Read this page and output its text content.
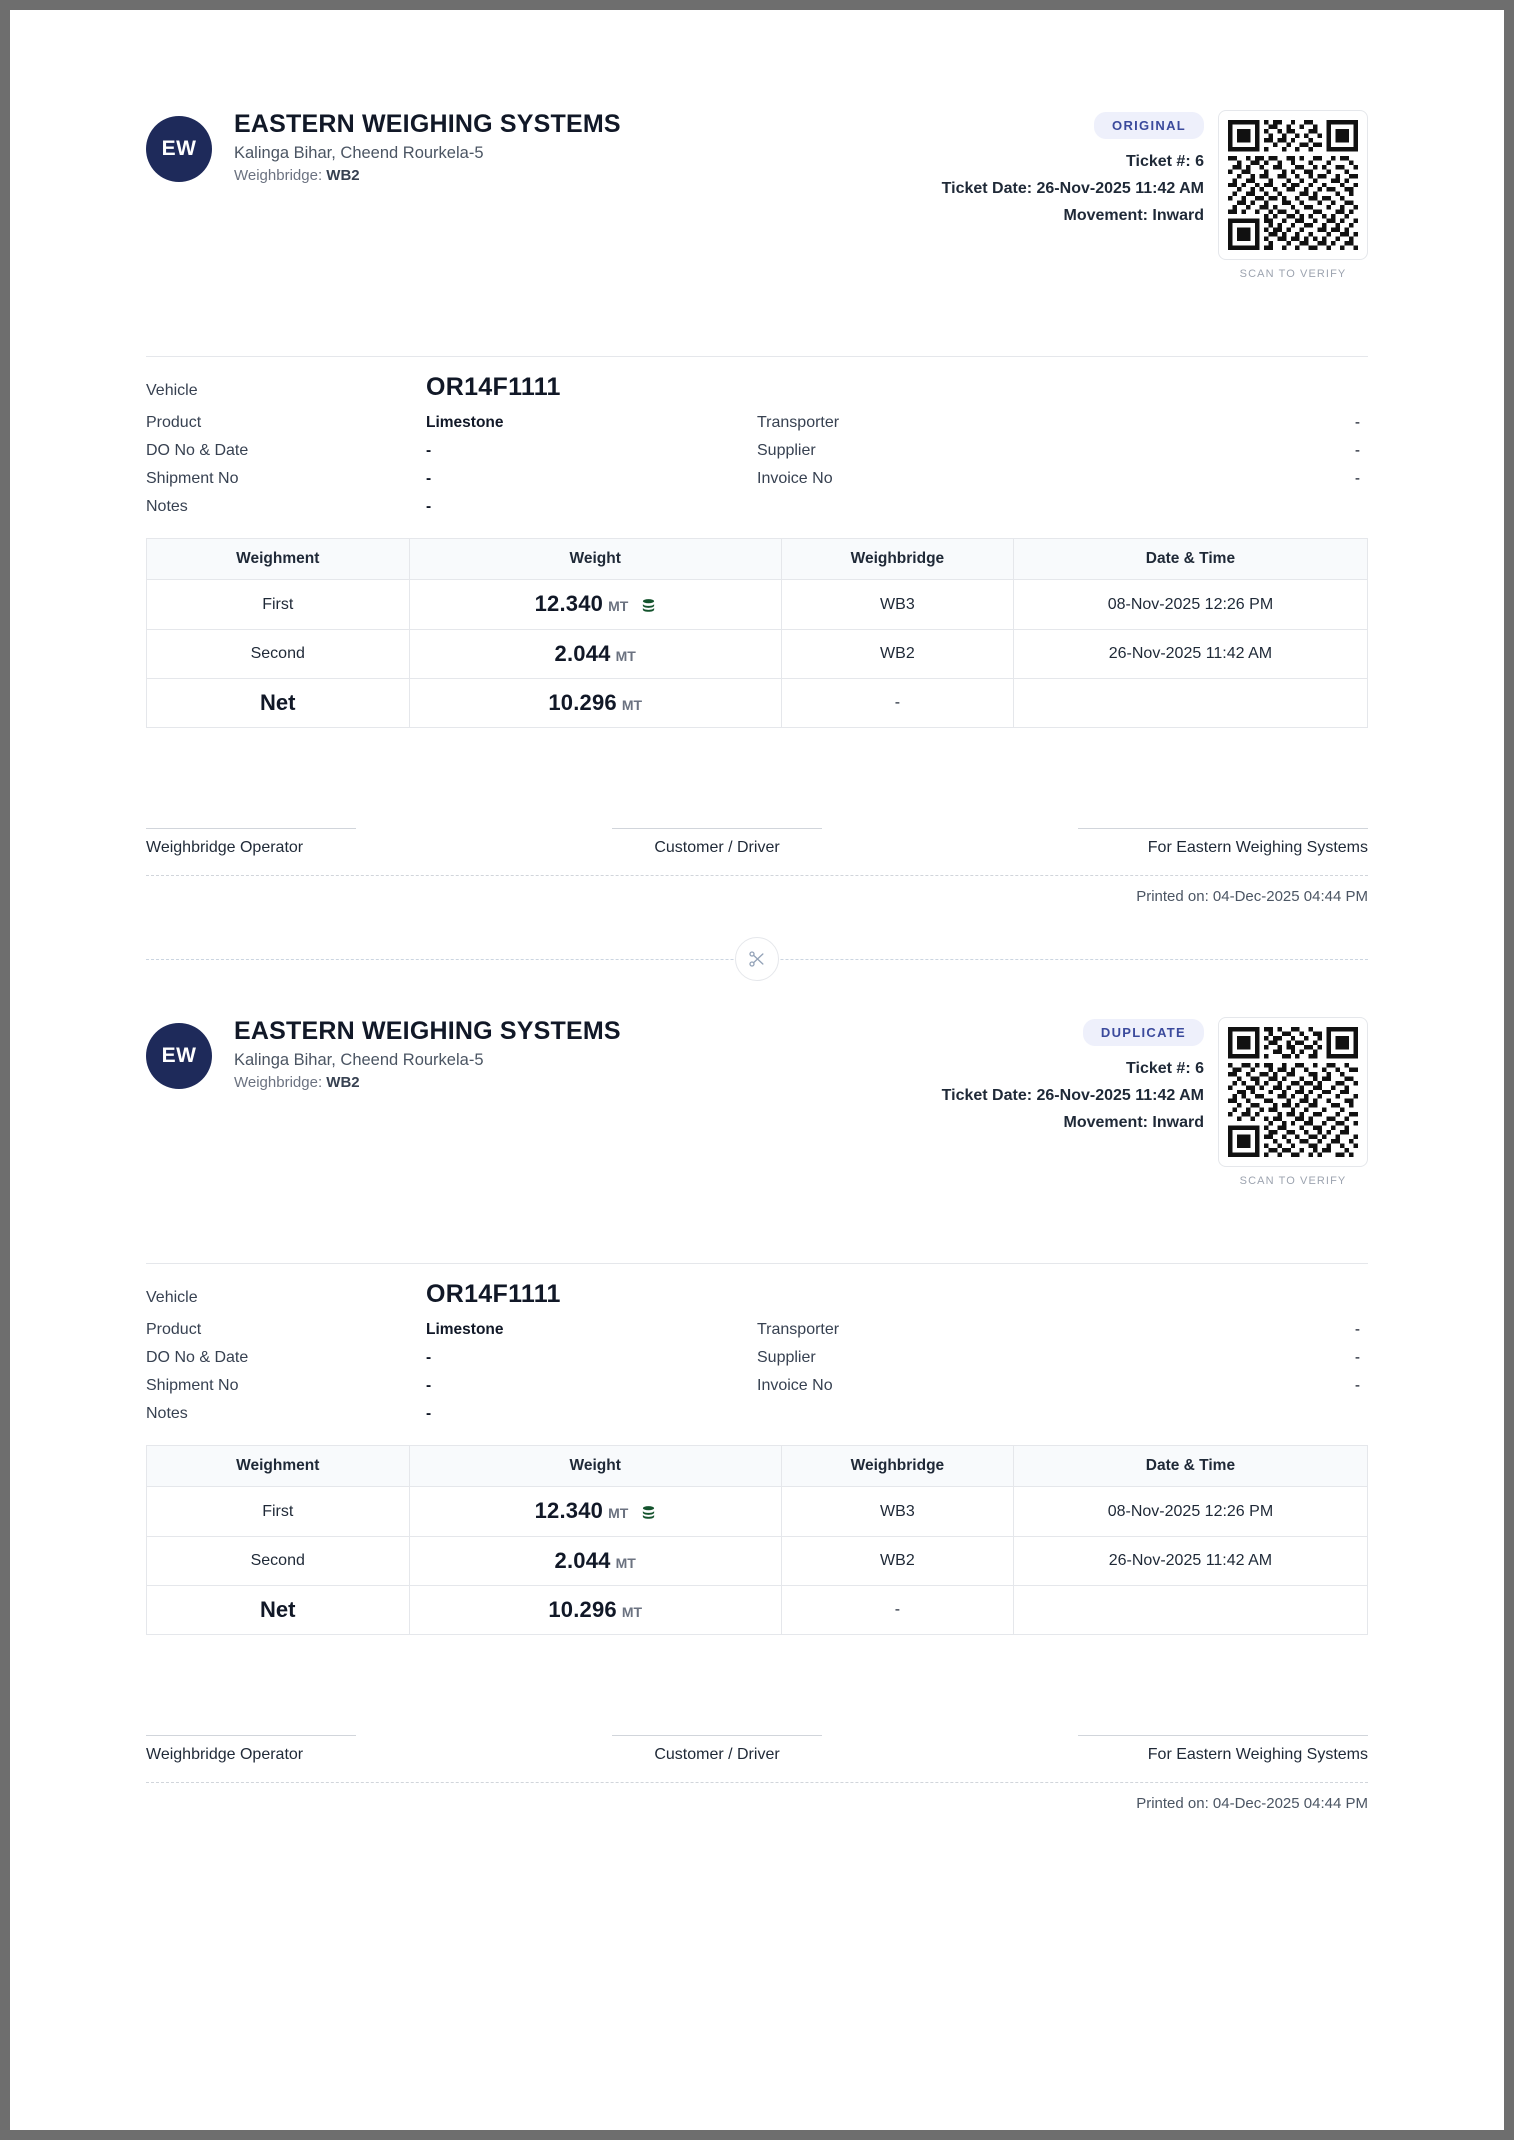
EW
EASTERN WEIGHING SYSTEMS
Kalinga Bihar, Cheend Rourkela-5
Weighbridge: WB2
ORIGINAL
Ticket #: 6
Ticket Date: 26-Nov-2025 11:42 AM
Movement: Inward
SCAN TO VERIFY
Vehicle	OR14F1111
Product	Limestone
DO No & Date	-
Shipment No	-
Notes	-
Transporter	-
Supplier	-
Invoice No	-
Weighment	Weight	Weighbridge	Date & Time
First	12.340 MT	WB3	08-Nov-2025 12:26 PM
Second	2.044 MT	WB2	26-Nov-2025 11:42 AM
Net	10.296 MT	-	
Weighbridge Operator	Customer / Driver	For Eastern Weighing Systems
Printed on: 04-Dec-2025 04:44 PM
EW
EASTERN WEIGHING SYSTEMS
Kalinga Bihar, Cheend Rourkela-5
Weighbridge: WB2
DUPLICATE
Ticket #: 6
Ticket Date: 26-Nov-2025 11:42 AM
Movement: Inward
SCAN TO VERIFY
Vehicle	OR14F1111
Product	Limestone
DO No & Date	-
Shipment No	-
Notes	-
Transporter	-
Supplier	-
Invoice No	-
Weighment	Weight	Weighbridge	Date & Time
First	12.340 MT	WB3	08-Nov-2025 12:26 PM
Second	2.044 MT	WB2	26-Nov-2025 11:42 AM
Net	10.296 MT	-	
Weighbridge Operator	Customer / Driver	For Eastern Weighing Systems
Printed on: 04-Dec-2025 04:44 PM
